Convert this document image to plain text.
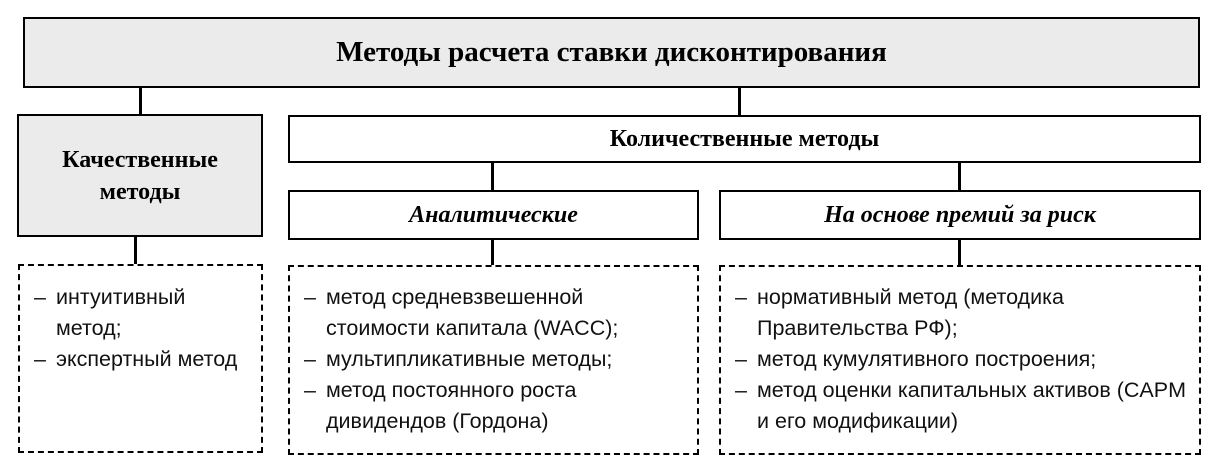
Методы расчета ставки дисконтирования
Качественные методы
Количественные методы
Аналитические	На основе премий за риск
– интуитивный метод;
– экспертный метод
– метод средневзвешенной стоимости капитала (WACC);
– мультипликативные методы;
– метод постоянного роста дивидендов (Гордона)
– нормативный метод (методика Правительства РФ);
– метод кумулятивного построения;
– метод оценки капитальных активов (CAPM и его модификации)
